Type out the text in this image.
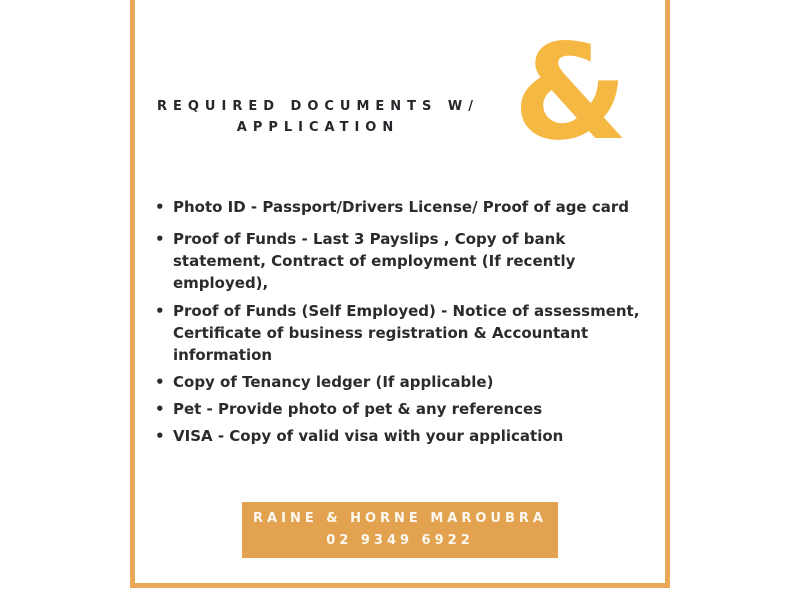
REQUIRED DOCUMENTS W/
APPLICATION &
• Photo ID - Passport/Drivers License/ Proof of age card
• Proof of Funds - Last 3 Payslips , Copy of bank statement, Contract of employment (If recently employed),
• Proof of Funds (Self Employed) - Notice of assessment, Certificate of business registration & Accountant information
• Copy of Tenancy ledger (If applicable)
• Pet - Provide photo of pet & any references
• VISA - Copy of valid visa with your application
RAINE & HORNE MAROUBRA
02 9349 6922
